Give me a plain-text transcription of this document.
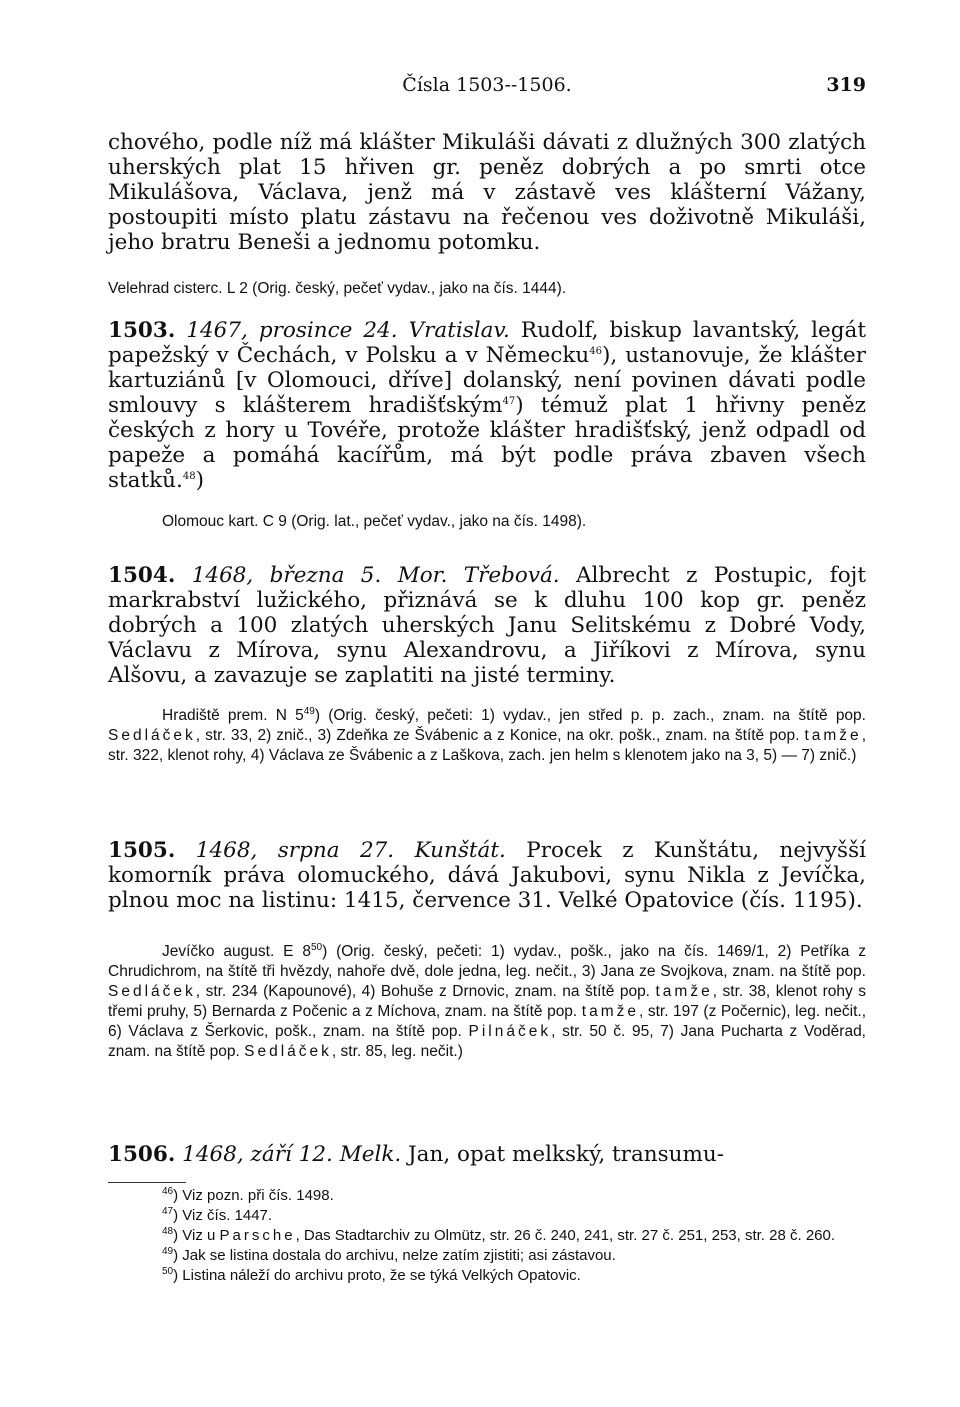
Čísla 1503--1506.	319
chového, podle níž má klášter Mikuláši dávati z dlužných 300 zlatých uherských plat 15 hřiven gr. peněz dobrých a po smrti otce Mikulášova, Václava, jenž má v zástavě ves klášterní Vážany, postoupiti místo platu zástavu na řečenou ves doživotně Mikuláši, jeho bratru Beneši a jednomu potomku.
Velehrad cisterc. L 2 (Orig. český, pečeť vydav., jako na čís. 1444).
1503. 1467, prosince 24. Vratislav. Rudolf, biskup lavantský, legát papežský v Čechách, v Polsku a v Německu$^{46}$), ustanovuje, že klášter kartuziánů [v Olomouci, dříve] dolanský, není povinen dávati podle smlouvy s klášterem hradišťským$^{47}$) témuž plat 1 hřivny peněz českých z hory u Tovéře, protože klášter hradišťský, jenž odpadl od papeže a pomáhá kacířům, má být podle práva zbaven všech statků.$^{48}$)
Olomouc kart. C 9 (Orig. lat., pečeť vydav., jako na čís. 1498).
1504. 1468, března 5. Mor. Třebová. Albrecht z Postupic, fojt markrabství lužického, přiznává se k dluhu 100 kop gr. peněz dobrých a 100 zlatých uherských Janu Selitskému z Dobré Vody, Václavu z Mírova, synu Alexandrovu, a Jiříkovi z Mírova, synu Alšovu, a zavazuje se zaplatiti na jisté terminy.
Hradiště prem. N $5^{49}$) (Orig. český, pečeti: 1) vydav., jen střed p. p. zach., znam. na štítě pop. Sedláček, str. 33, 2) znič., 3) Zdeňka ze Švábenic a z Konice, na okr. pošk., znam. na štítě pop. tamže, str. 322, klenot rohy, 4) Václava ze Švábenic a z Laškova, zach. jen helm s klenotem jako na 3, 5) — 7) znič.)
1505. 1468, srpna 27. Kunštát. Procek z Kunštátu, nejvyšší komorník práva olomuckého, dává Jakubovi, synu Nikla z Jevíčka, plnou moc na listinu: 1415, července 31. Velké Opatovice (čís. 1195).
Jevíčko august. E $8^{50}$) (Orig. český, pečeti: 1) vydav., pošk., jako na čís. 1469/1, 2) Petříka z Chrudichrom, na štítě tři hvězdy, nahoře dvě, dole jedna, leg. nečit., 3) Jana ze Svojkova, znam. na štítě pop. Sedláček, str. 234 (Kapounové), 4) Bohuše z Drnovic, znam. na štítě pop. tamže, str. 38, klenot rohy s třemi pruhy, 5) Bernarda z Počenic a z Míchova, znam. na štítě pop. tamže, str. 197 (z Počernic), leg. nečit., 6) Václava z Šerkovic, pošk., znam. na štítě pop. Pilnáček, str. 50 č. 95, 7) Jana Pucharta z Voděrad, znam. na štítě pop. Sedláček, str. 85, leg. nečit.)
1506. 1468, září 12. Melk. Jan, opat melkský, transumu-
$^{46}$) Viz pozn. při čís. 1498.
$^{47}$) Viz čís. 1447.
$^{48}$) Viz u Parsche, Das Stadtarchiv zu Olmütz, str. 26 č. 240, 241, str. 27 č. 251, 253, str. 28 č. 260.
$^{49}$) Jak se listina dostala do archivu, nelze zatím zjistiti; asi zástavou.
$^{50}$) Listina náleží do archivu proto, že se týká Velkých Opatovic.
